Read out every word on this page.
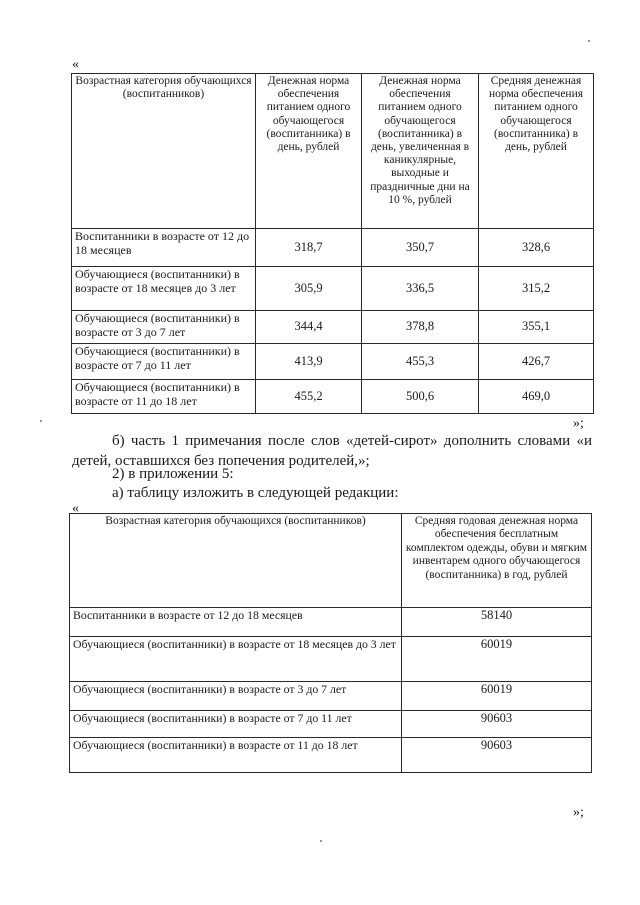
«
Возрастная категория обучающихся (воспитанников)	Денежная норма обеспечения питанием одного обучающегося (воспитанника) в день, рублей	Денежная норма обеспечения питанием одного обучающегося (воспитанника) в день, увеличенная в каникулярные, выходные и праздничные дни на 10 %, рублей	Средняя денежная норма обеспечения питанием одного обучающегося (воспитанника) в день, рублей
Воспитанники в возрасте от 12 до 18 месяцев	318,7	350,7	328,6
Обучающиеся (воспитанники) в возрасте от 18 месяцев до 3 лет	305,9	336,5	315,2
Обучающиеся (воспитанники) в возрасте от 3 до 7 лет	344,4	378,8	355,1
Обучающиеся (воспитанники) в возрасте от 7 до 11 лет	413,9	455,3	426,7
Обучающиеся (воспитанники) в возрасте от 11 до 18 лет	455,2	500,6	469,0
»;
б) часть 1 примечания после слов «детей-сирот» дополнить словами «и детей, оставшихся без попечения родителей,»;
2) в приложении 5:
а) таблицу изложить в следующей редакции:
«
Возрастная категория обучающихся (воспитанников)	Средняя годовая денежная норма обеспечения бесплатным комплектом одежды, обуви и мягким инвентарем одного обучающегося (воспитанника) в год, рублей
Воспитанники в возрасте от 12 до 18 месяцев	58140
Обучающиеся (воспитанники) в возрасте от 18 месяцев до 3 лет	60019
Обучающиеся (воспитанники) в возрасте от 3 до 7 лет	60019
Обучающиеся (воспитанники) в возрасте от 7 до 11 лет	90603
Обучающиеся (воспитанники) в возрасте от 11 до 18 лет	90603
»;
